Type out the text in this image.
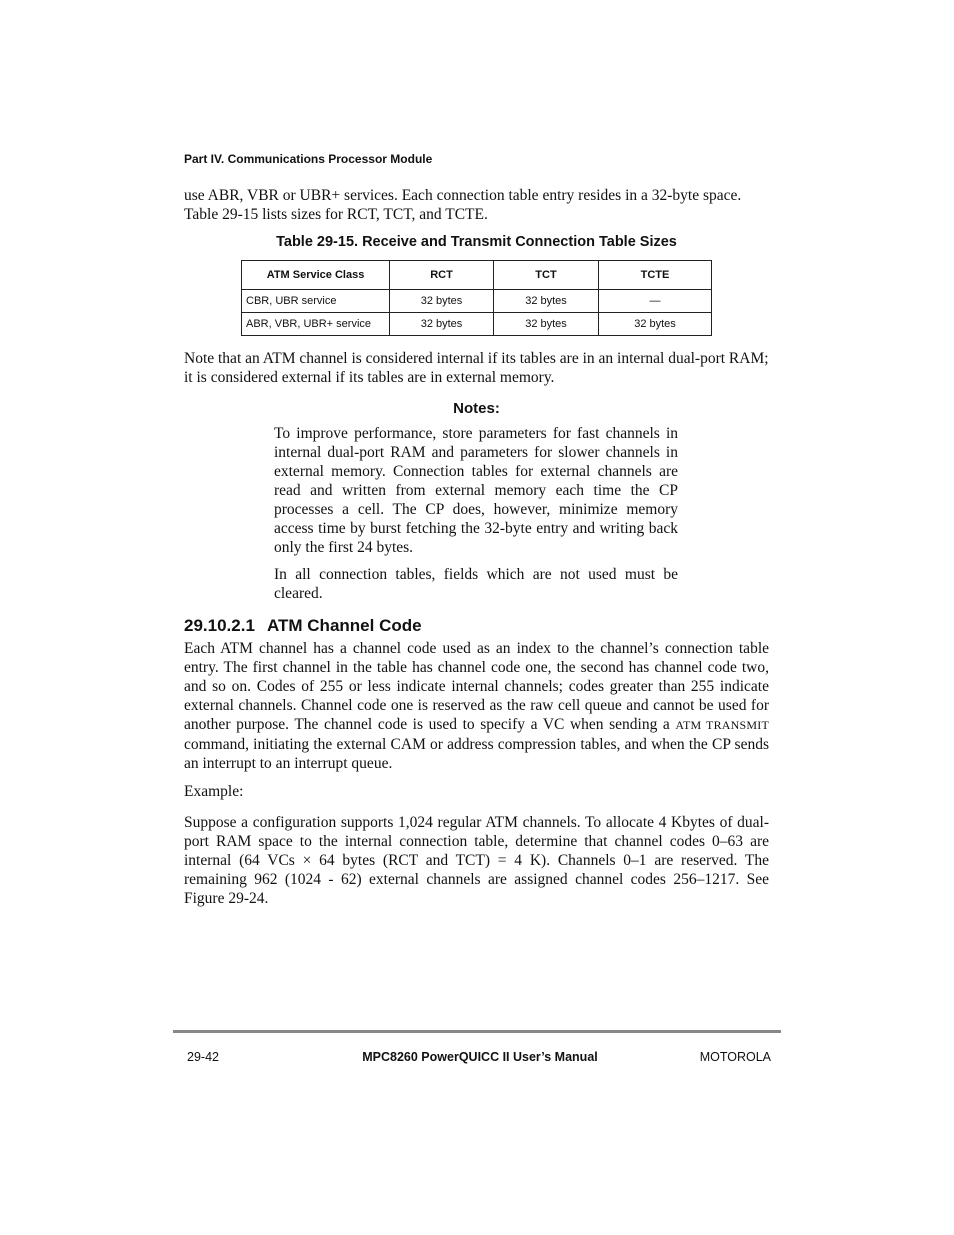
Part IV. Communications Processor Module
use ABR, VBR or UBR+ services. Each connection table entry resides in a 32-byte space. Table 29-15 lists sizes for RCT, TCT, and TCTE.
Table 29-15. Receive and Transmit Connection Table Sizes
ATM Service Class	RCT	TCT	TCTE
CBR, UBR service	32 bytes	32 bytes	—
ABR, VBR, UBR+ service	32 bytes	32 bytes	32 bytes
Note that an ATM channel is considered internal if its tables are in an internal dual-port RAM; it is considered external if its tables are in external memory.
Notes:
To improve performance, store parameters for fast channels in internal dual-port RAM and parameters for slower channels in external memory. Connection tables for external channels are read and written from external memory each time the CP processes a cell. The CP does, however, minimize memory access time by burst fetching the 32-byte entry and writing back only the first 24 bytes.
In all connection tables, fields which are not used must be cleared.
29.10.2.1 ATM Channel Code
Each ATM channel has a channel code used as an index to the channel’s connection table entry. The first channel in the table has channel code one, the second has channel code two, and so on. Codes of 255 or less indicate internal channels; codes greater than 255 indicate external channels. Channel code one is reserved as the raw cell queue and cannot be used for another purpose. The channel code is used to specify a VC when sending a ATM TRANSMIT command, initiating the external CAM or address compression tables, and when the CP sends an interrupt to an interrupt queue.
Example:
Suppose a configuration supports 1,024 regular ATM channels. To allocate 4 Kbytes of dual-port RAM space to the internal connection table, determine that channel codes 0–63 are internal (64 VCs × 64 bytes (RCT and TCT) = 4 K). Channels 0–1 are reserved. The remaining 962 (1024 - 62) external channels are assigned channel codes 256–1217. See Figure 29-24.
29-42	MPC8260 PowerQUICC II User’s Manual	MOTOROLA
